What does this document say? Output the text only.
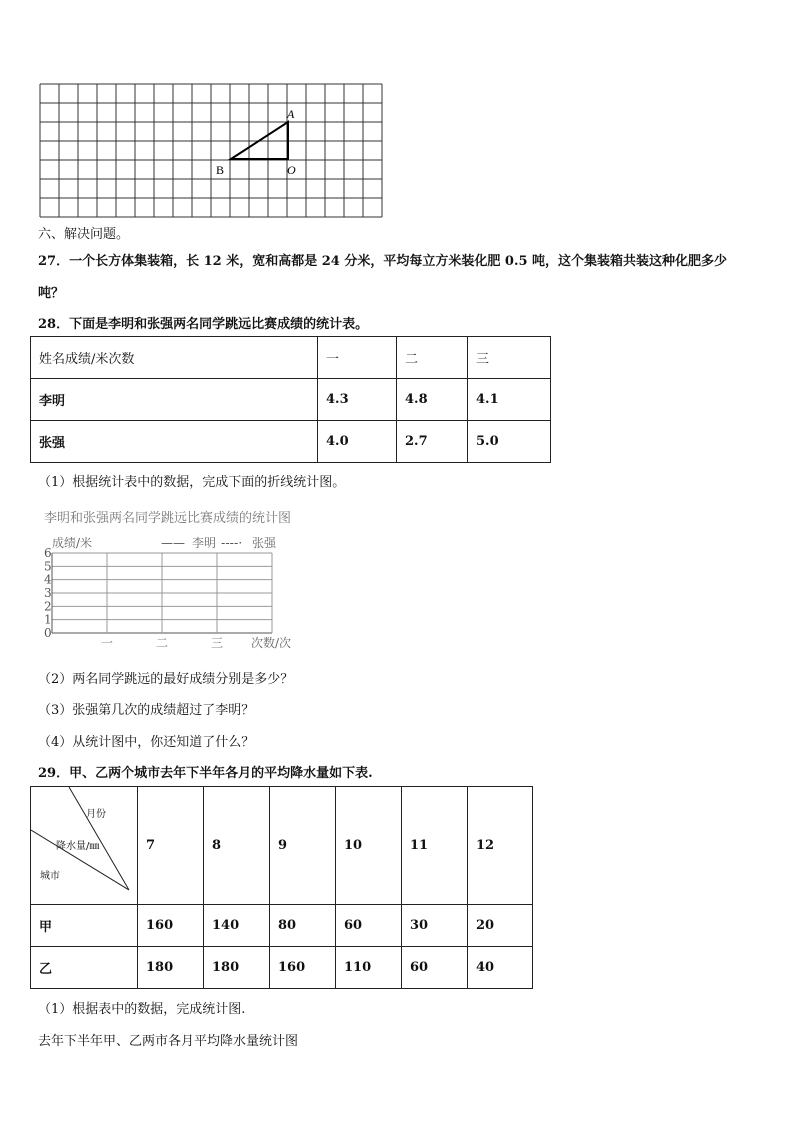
A
B	O
六、解决问题。
27．一个长方体集装箱，长 12 米，宽和高都是 24 分米，平均每立方米装化肥 0.5 吨，这个集装箱共装这种化肥多少
吨？
28．下面是李明和张强两名同学跳远比赛成绩的统计表。
姓名成绩/米次数	一	二	三
李明	4.3	4.8	4.1
张强	4.0	2.7	5.0
（1）根据统计表中的数据，完成下面的折线统计图。
李明和张强两名同学跳远比赛成绩的统计图
成绩/米	—— 李明 ----· 张强
0
1
2
3
4
5
6
一	二	三 次数/次
（2）两名同学跳远的最好成绩分别是多少？
（3）张强第几次的成绩超过了李明？
（4）从统计图中，你还知道了什么？
29．甲、乙两个城市去年下半年各月的平均降水量如下表.
月份
降水量/㎜
城市	7	8	9	10	11	12
甲	160	140	80	60	30	20
乙	180	180	160	110	60	40
（1）根据表中的数据，完成统计图.
去年下半年甲、乙两市各月平均降水量统计图
